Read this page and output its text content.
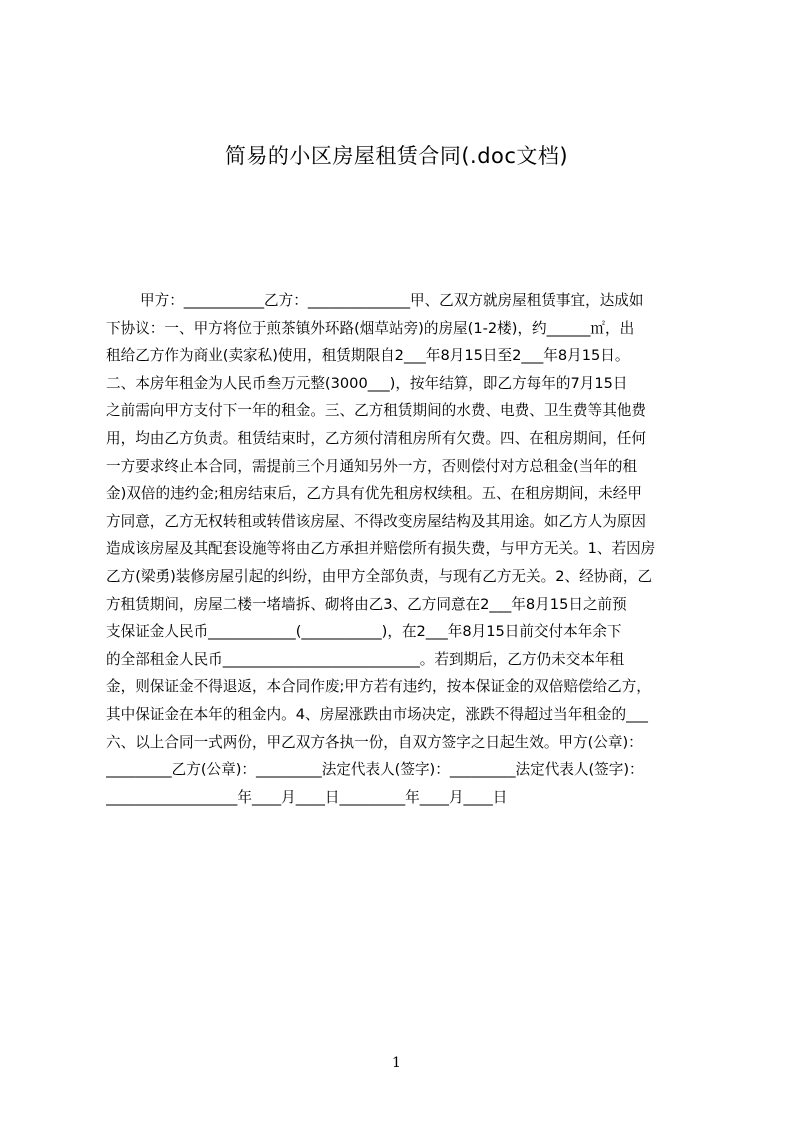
简易的小区房屋租赁合同(.doc文档)
甲方：___________乙方：______________甲、乙双方就房屋租赁事宜，达成如
下协议：一、甲方将位于煎茶镇外环路(烟草站旁)的房屋(1-2楼)，约______㎡，出
租给乙方作为商业(卖家私)使用，租赁期限自2___年8月15日至2___年8月15日。
二、本房年租金为人民币叁万元整(3000___)，按年结算，即乙方每年的7月15日
之前需向甲方支付下一年的租金。三、乙方租赁期间的水费、电费、卫生费等其他费
用，均由乙方负责。租赁结束时，乙方须付清租房所有欠费。四、在租房期间，任何
一方要求终止本合同，需提前三个月通知另外一方，否则偿付对方总租金(当年的租
金)双倍的违约金;租房结束后，乙方具有优先租房权续租。五、在租房期间，未经甲
方同意，乙方无权转租或转借该房屋、不得改变房屋结构及其用途。如乙方人为原因
造成该房屋及其配套设施等将由乙方承担并赔偿所有损失费，与甲方无关。1、若因房
乙方(梁勇)装修房屋引起的纠纷，由甲方全部负责，与现有乙方无关。2、经协商，乙
方租赁期间，房屋二楼一堵墙拆、砌将由乙3、乙方同意在2___年8月15日之前预
支保证金人民币____________(___________)，在2___年8月15日前交付本年余下
的全部租金人民币___________________________。若到期后，乙方仍未交本年租
金，则保证金不得退返，本合同作废;甲方若有违约，按本保证金的双倍赔偿给乙方，
其中保证金在本年的租金内。4、房屋涨跌由市场决定，涨跌不得超过当年租金的___
六、以上合同一式两份，甲乙双方各执一份，自双方签字之日起生效。甲方(公章)：
_________乙方(公章)：_________法定代表人(签字)：_________法定代表人(签字)：
__________________年____月____日_________年____月____日
1
